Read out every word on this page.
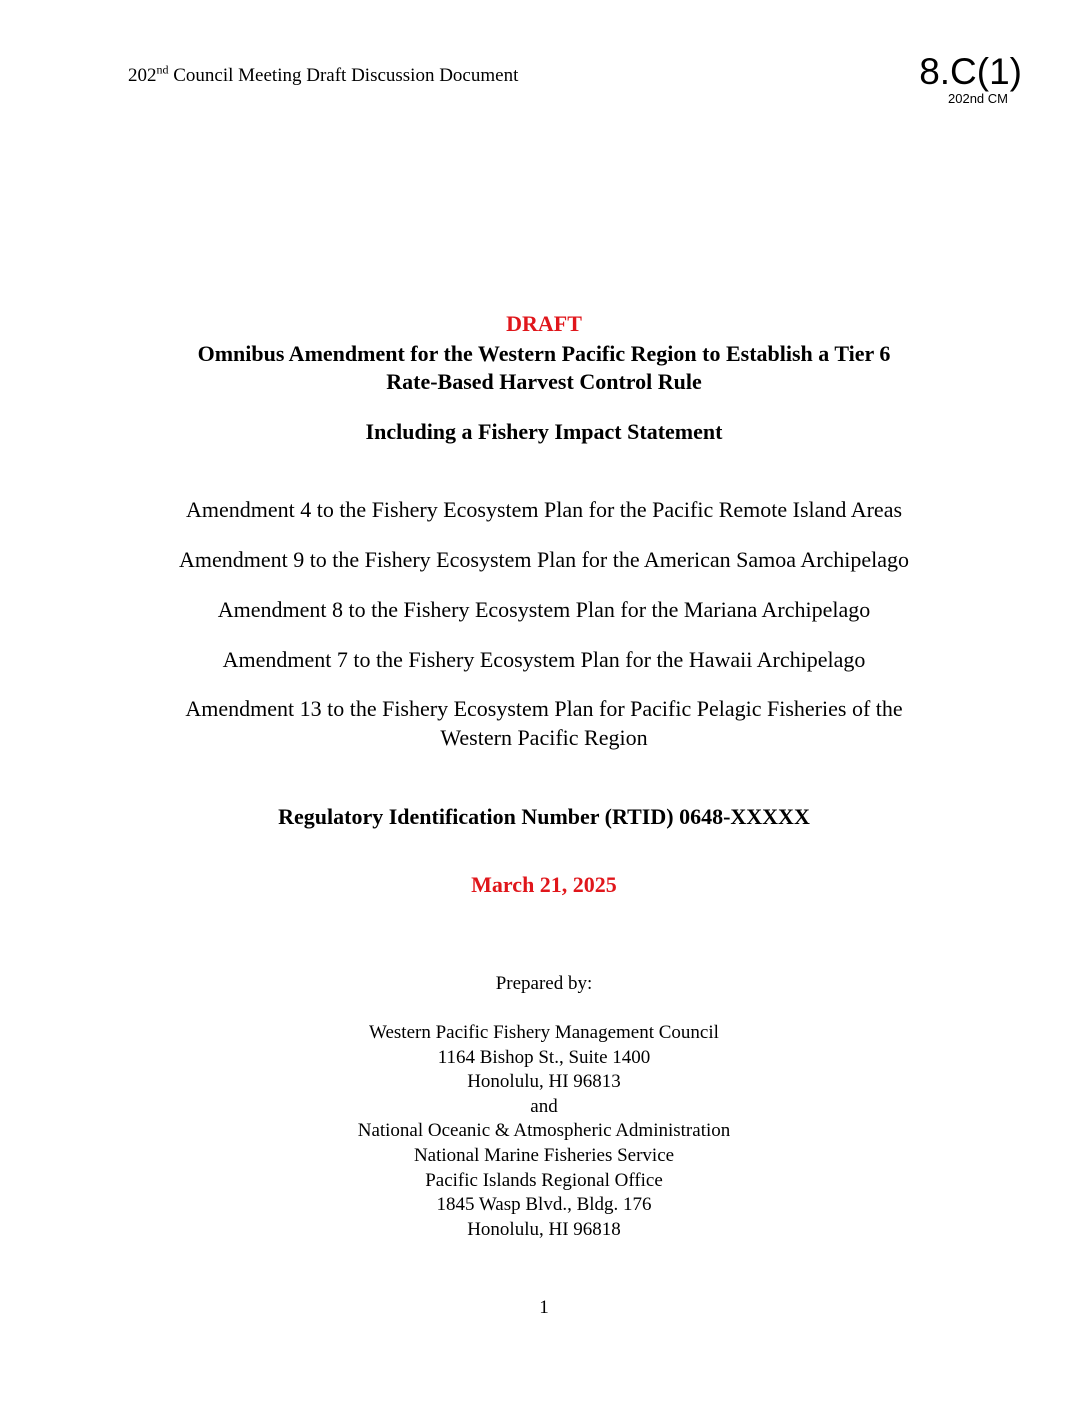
202nd Council Meeting Draft Discussion Document	8.C(1)
202nd CM
DRAFT
Omnibus Amendment for the Western Pacific Region to Establish a Tier 6
Rate-Based Harvest Control Rule
Including a Fishery Impact Statement
Amendment 4 to the Fishery Ecosystem Plan for the Pacific Remote Island Areas
Amendment 9 to the Fishery Ecosystem Plan for the American Samoa Archipelago
Amendment 8 to the Fishery Ecosystem Plan for the Mariana Archipelago
Amendment 7 to the Fishery Ecosystem Plan for the Hawaii Archipelago
Amendment 13 to the Fishery Ecosystem Plan for Pacific Pelagic Fisheries of the
Western Pacific Region
Regulatory Identification Number (RTID) 0648-XXXXX
March 21, 2025
Prepared by:
Western Pacific Fishery Management Council
1164 Bishop St., Suite 1400
Honolulu, HI 96813
and
National Oceanic & Atmospheric Administration
National Marine Fisheries Service
Pacific Islands Regional Office
1845 Wasp Blvd., Bldg. 176
Honolulu, HI 96818
1
